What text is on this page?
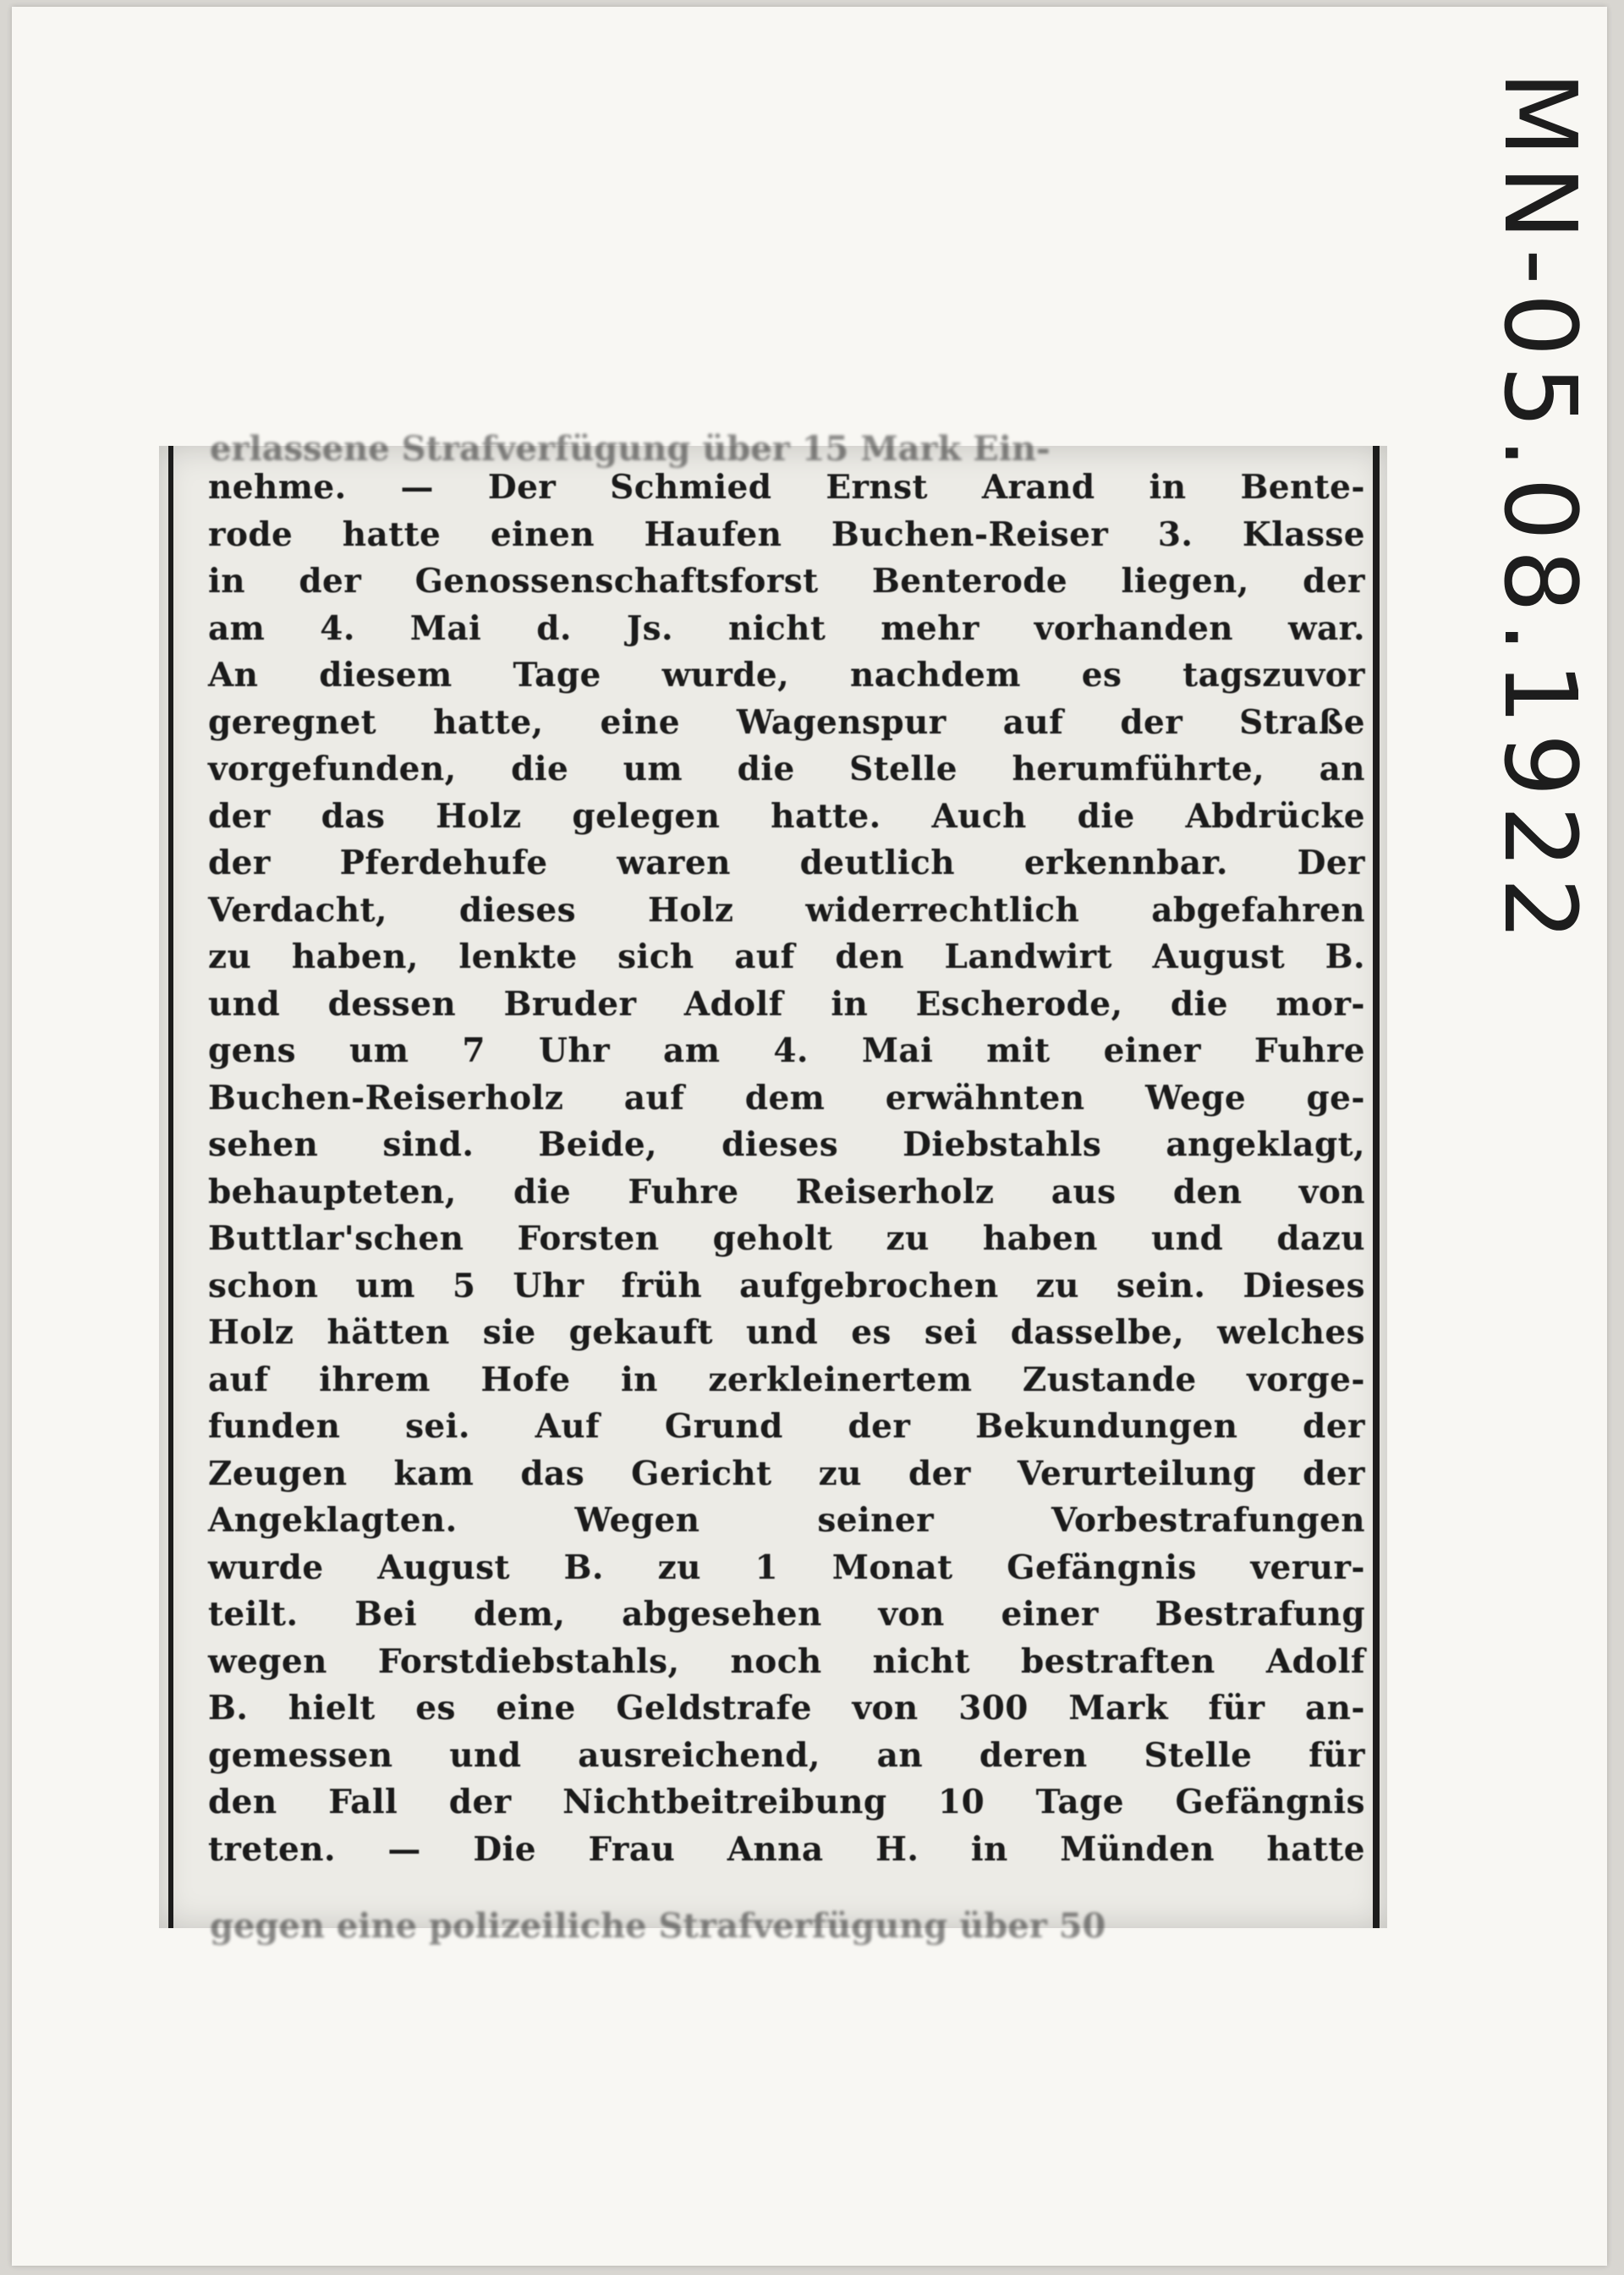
MN-05.08.1922
erlassene Strafverfügung über 15 Mark Ein-
nehme. — Der Schmied Ernst Arand in Bente-
rode hatte einen Haufen Buchen-Reiser 3. Klasse
in der Genossenschaftsforst Benterode liegen, der
am 4. Mai d. Js. nicht mehr vorhanden war.
An diesem Tage wurde, nachdem es tagszuvor
geregnet hatte, eine Wagenspur auf der Straße
vorgefunden, die um die Stelle herumführte, an
der das Holz gelegen hatte. Auch die Abdrücke
der Pferdehufe waren deutlich erkennbar. Der
Verdacht, dieses Holz widerrechtlich abgefahren
zu haben, lenkte sich auf den Landwirt August B.
und dessen Bruder Adolf in Escherode, die mor-
gens um 7 Uhr am 4. Mai mit einer Fuhre
Buchen-Reiserholz auf dem erwähnten Wege ge-
sehen sind. Beide, dieses Diebstahls angeklagt,
behaupteten, die Fuhre Reiserholz aus den von
Buttlar'schen Forsten geholt zu haben und dazu
schon um 5 Uhr früh aufgebrochen zu sein. Dieses
Holz hätten sie gekauft und es sei dasselbe, welches
auf ihrem Hofe in zerkleinertem Zustande vorge-
funden sei. Auf Grund der Bekundungen der
Zeugen kam das Gericht zu der Verurteilung der
Angeklagten. Wegen seiner Vorbestrafungen
wurde August B. zu 1 Monat Gefängnis verur-
teilt. Bei dem, abgesehen von einer Bestrafung
wegen Forstdiebstahls, noch nicht bestraften Adolf
B. hielt es eine Geldstrafe von 300 Mark für an-
gemessen und ausreichend, an deren Stelle für
den Fall der Nichtbeitreibung 10 Tage Gefängnis
treten. — Die Frau Anna H. in Münden hatte
gegen eine polizeiliche Strafverfügung über 50
